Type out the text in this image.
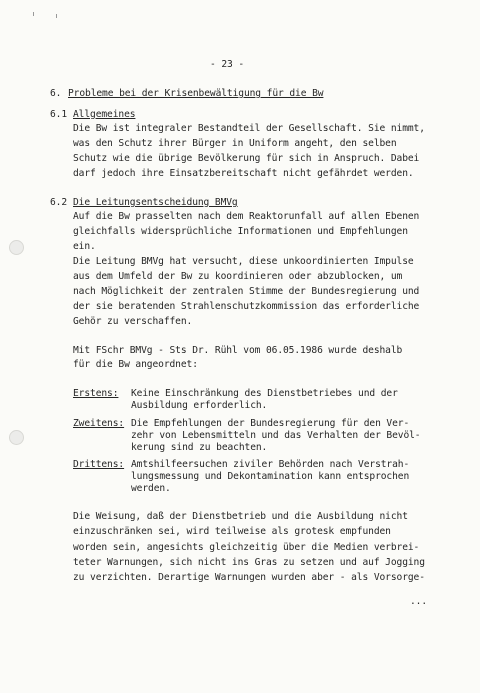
- 23 -
6. Probleme bei der Krisenbewältigung für die Bw
6.1 Allgemeines
Die Bw ist integraler Bestandteil der Gesellschaft. Sie nimmt,
was den Schutz ihrer Bürger in Uniform angeht, den selben
Schutz wie die übrige Bevölkerung für sich in Anspruch. Dabei
darf jedoch ihre Einsatzbereitschaft nicht gefährdet werden.
6.2 Die Leitungsentscheidung BMVg
Auf die Bw prasselten nach dem Reaktorunfall auf allen Ebenen
gleichfalls widersprüchliche Informationen und Empfehlungen
ein.
Die Leitung BMVg hat versucht, diese unkoordinierten Impulse
aus dem Umfeld der Bw zu koordinieren oder abzublocken, um
nach Möglichkeit der zentralen Stimme der Bundesregierung und
der sie beratenden Strahlenschutzkommission das erforderliche
Gehör zu verschaffen.
Mit FSchr BMVg - Sts Dr. Rühl vom 06.05.1986 wurde deshalb
für die Bw angeordnet:
Erstens: Keine Einschränkung des Dienstbetriebes und der
Ausbildung erforderlich.
Zweitens: Die Empfehlungen der Bundesregierung für den Ver-
zehr von Lebensmitteln und das Verhalten der Bevöl-
kerung sind zu beachten.
Drittens: Amtshilfeersuchen ziviler Behörden nach Verstrah-
lungsmessung und Dekontamination kann entsprochen
werden.
Die Weisung, daß der Dienstbetrieb und die Ausbildung nicht
einzuschränken sei, wird teilweise als grotesk empfunden
worden sein, angesichts gleichzeitig über die Medien verbrei-
teter Warnungen, sich nicht ins Gras zu setzen und auf Jogging
zu verzichten. Derartige Warnungen wurden aber - als Vorsorge-
...
